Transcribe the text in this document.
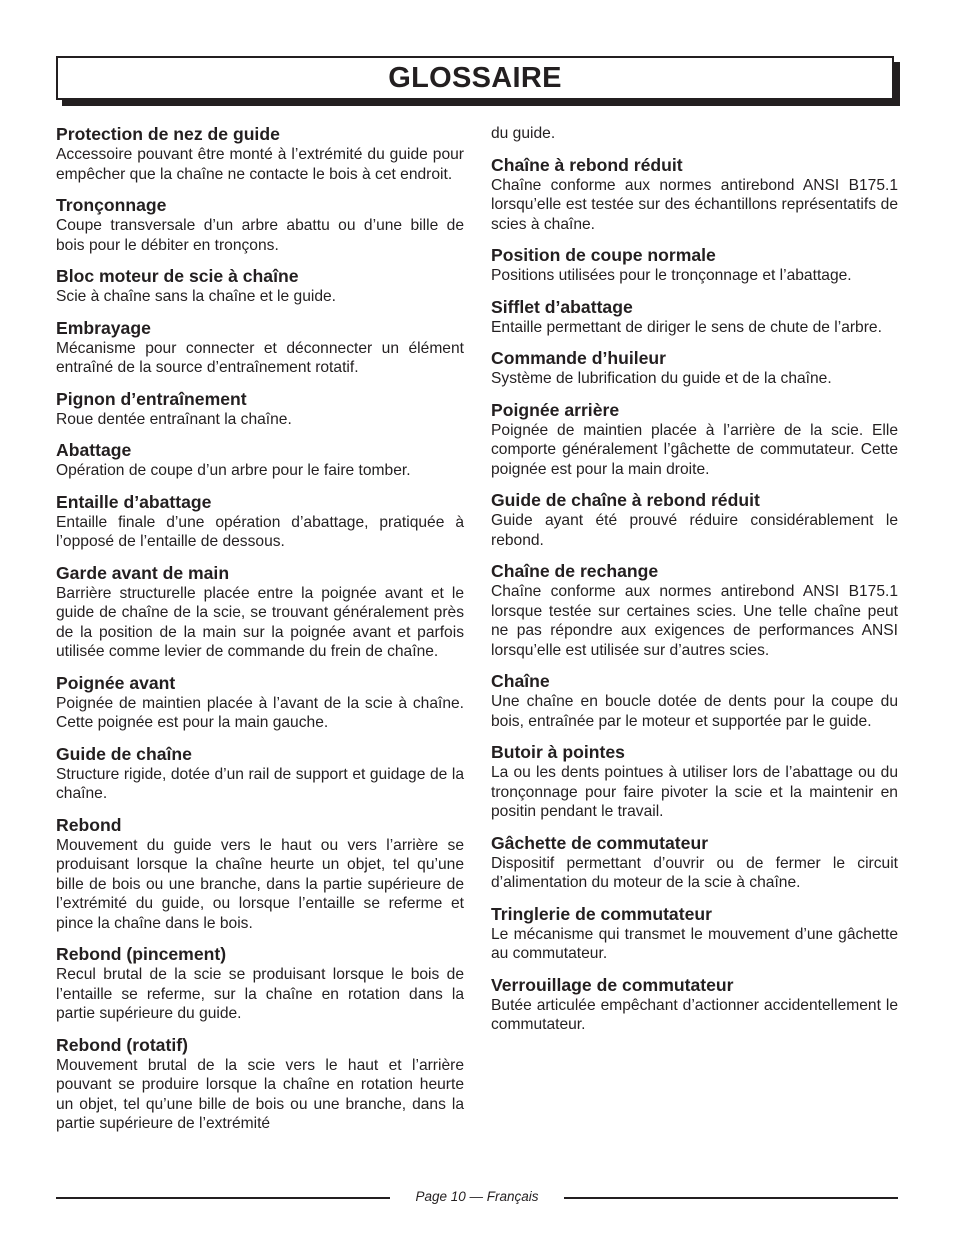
GLOSSAIRE

Protection de nez de guide

Accessoire pouvant être monté à l’extrémité du guide pour empêcher que la chaîne ne contacte le bois à cet endroit.

Tronçonnage

Coupe transversale d’un arbre abattu ou d’une bille de bois pour le débiter en tronçons.

Bloc moteur de scie à chaîne

Scie à chaîne sans la chaîne et le guide.

Embrayage

Mécanisme pour connecter et déconnecter un élément entraîné de la source d’entraînement rotatif.

Pignon d’entraînement

Roue dentée entraînant la chaîne.

Abattage

Opération de coupe d’un arbre pour le faire tomber.

Entaille d’abattage

Entaille finale d’une opération d’abattage, pratiquée à l’opposé de l’entaille de dessous.

Garde avant de main

Barrière structurelle placée entre la poignée avant et le guide de chaîne de la scie, se trouvant généralement près de la position de la main sur la poignée avant et parfois utilisée comme levier de commande du frein de chaîne.

Poignée avant

Poignée de maintien placée à l’avant de la scie à chaîne. Cette poignée est pour la main gauche.

Guide de chaîne

Structure rigide, dotée d’un rail de support et guidage de la chaîne.

Rebond

Mouvement du guide vers le haut ou vers l’arrière se produisant lorsque la chaîne heurte un objet, tel qu’une bille de bois ou une branche, dans la partie supérieure de l’extrémité du guide, ou lorsque l’entaille se referme et pince la chaîne dans le bois.

Rebond (pincement)

Recul brutal de la scie se produisant lorsque le bois de l’entaille se referme, sur la chaîne en rotation dans la partie supérieure du guide.

Rebond (rotatif)

Mouvement brutal de la scie vers le haut et l’arrière pouvant se produire lorsque la chaîne en rotation heurte un objet, tel qu’une bille de bois ou une branche, dans la partie supérieure de l’extrémité

du guide.

Chaîne à rebond réduit

Chaîne conforme aux normes antirebond ANSI B175.1 lorsqu’elle est testée sur des échantillons représentatifs de scies à chaîne.

Position de coupe normale

Positions utilisées pour le tronçonnage et l’abattage.

Sifflet d’abattage

Entaille permettant de diriger le sens de chute de l’arbre.

Commande d’huileur

Système de lubrification du guide et de la chaîne.

Poignée arrière

Poignée de maintien placée à l’arrière de la scie. Elle comporte généralement l’gâchette de commutateur. Cette poignée est pour la main droite.

Guide de chaîne à rebond réduit

Guide ayant été prouvé réduire considérablement le rebond.

Chaîne de rechange

Chaîne conforme aux normes antirebond ANSI B175.1 lorsque testée sur certaines scies. Une telle chaîne peut ne pas répondre aux exigences de performances ANSI lorsqu’elle est utilisée sur d’autres scies.

Chaîne

Une chaîne en boucle dotée de dents pour la coupe du bois, entraînée par le moteur et supportée par le guide.

Butoir à pointes

La ou les dents pointues à utiliser lors de l’abattage ou du tronçonnage pour faire pivoter la scie et la maintenir en positin pendant le travail.

Gâchette de commutateur

Dispositif permettant d’ouvrir ou de fermer le circuit d’alimentation du moteur de la scie à chaîne.

Tringlerie de commutateur

Le mécanisme qui transmet le mouvement d’une gâchette au commutateur.

Verrouillage de commutateur

Butée articulée empêchant d’actionner accidentellement le commutateur.

Page 10 — Français
